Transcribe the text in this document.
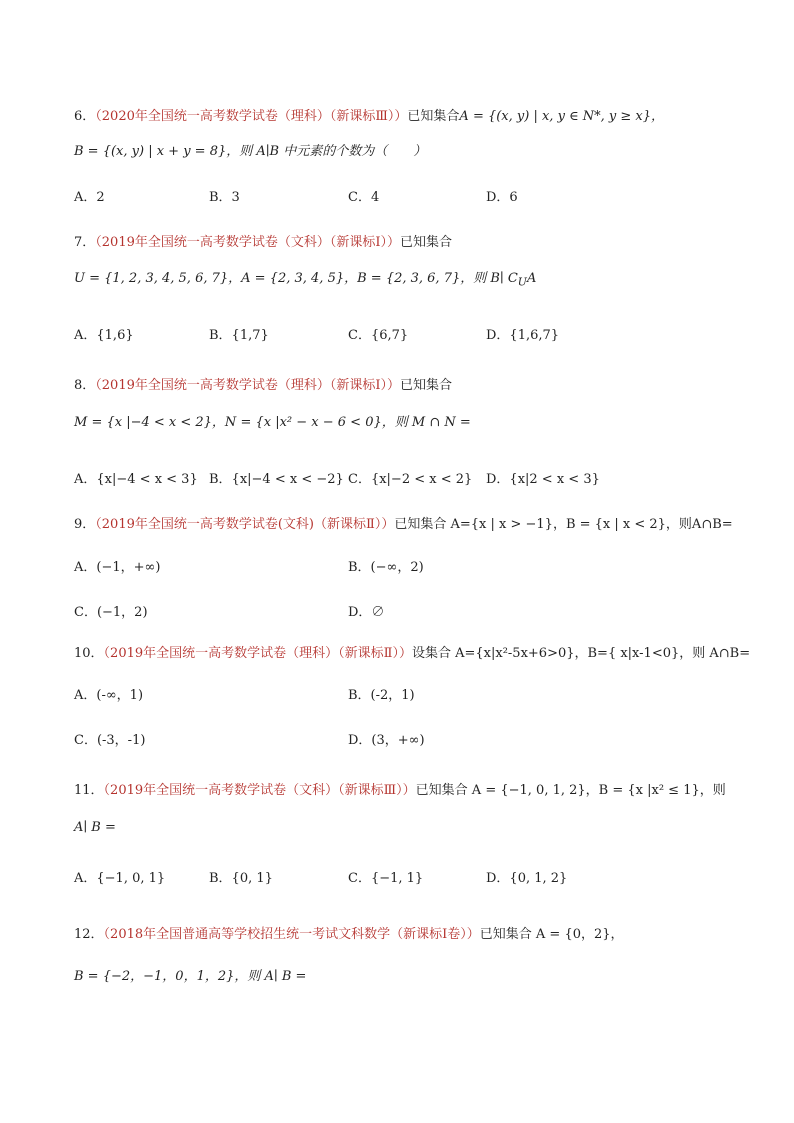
6．（2020年全国统一高考数学试卷（理科）（新课标Ⅲ））已知集合A = {(x, y) | x, y ∈ N*, y ≥ x}，
B = {(x, y) | x + y = 8}，则 A∣B 中元素的个数为（　　）
A．2	B．3	C．4	D．6
7．（2019年全国统一高考数学试卷（文科）（新课标Ⅰ））已知集合
U = {1, 2, 3, 4, 5, 6, 7}，A = {2, 3, 4, 5}，B = {2, 3, 6, 7}，则 B∣ $C_UA$
A．{1,6}	B．{1,7}	C．{6,7}	D．{1,6,7}
8．（2019年全国统一高考数学试卷（理科）（新课标Ⅰ））已知集合
M = {x |−4 < x < 2}，N = {x |x² − x − 6 < 0}，则 M ∩ N =
A．{x|−4 < x < 3} B．{x|−4 < x < −2} C．{x|−2 < x < 2} D．{x|2 < x < 3}
9．（2019年全国统一高考数学试卷(文科)（新课标Ⅱ））已知集合 A={x | x > −1}，B = {x | x < 2}，则A∩B=
A．(−1，+∞)	B．(−∞，2)
C．(−1，2)	D．∅
10．（2019年全国统一高考数学试卷（理科）（新课标Ⅱ））设集合 A={x|x²-5x+6>0}，B={ x|x-1<0}，则 A∩B=
A．(-∞，1)	B．(-2，1)
C．(-3，-1)	D．(3，+∞)
11．（2019年全国统一高考数学试卷（文科）（新课标Ⅲ））已知集合 A = {−1, 0, 1, 2}，B = {x |x² ≤ 1}，则
A∣ B =
A．{−1, 0, 1}	B．{0, 1}	C．{−1, 1}	D．{0, 1, 2}
12．（2018年全国普通高等学校招生统一考试文科数学（新课标Ⅰ卷））已知集合 A = {0，2}，
B = {−2，−1，0，1，2}，则 A∣ B =
